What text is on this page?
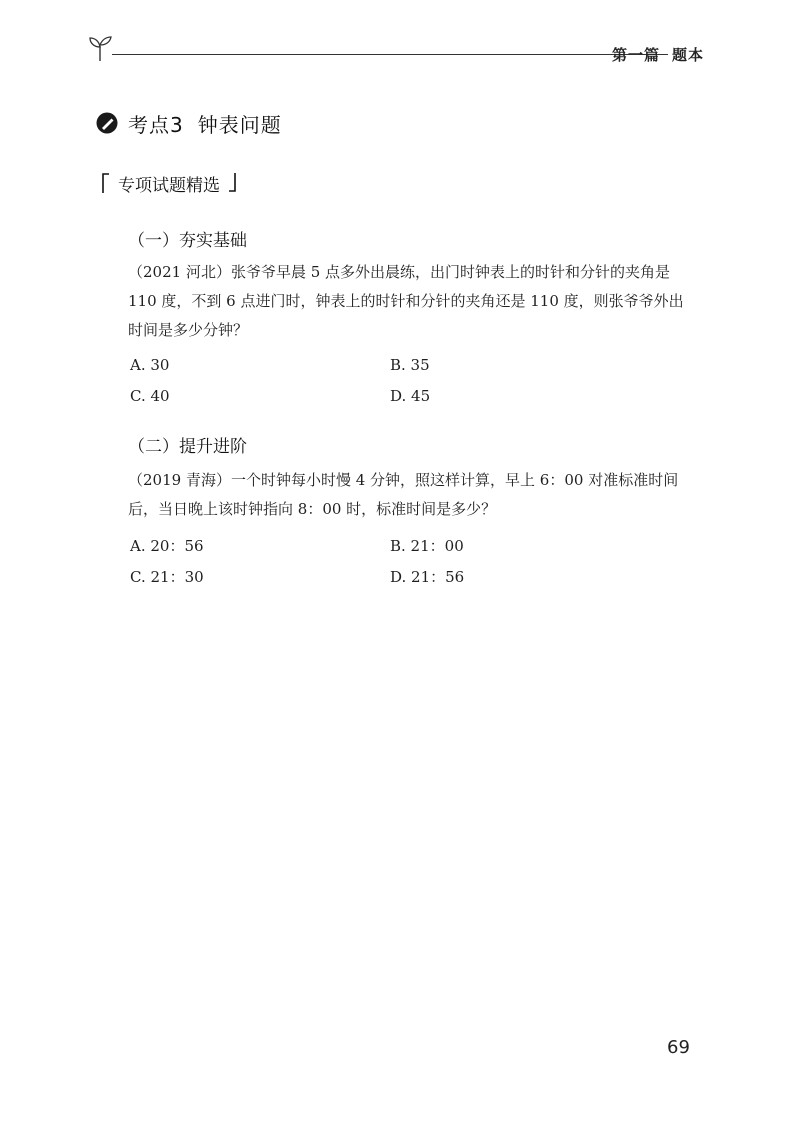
第一篇 题本
考点3 钟表问题
专项试题精选
（一）夯实基础
（2021 河北）张爷爷早晨 5 点多外出晨练，出门时钟表上的时针和分针的夹角是 110 度，不到 6 点进门时，钟表上的时针和分针的夹角还是 110 度，则张爷爷外出时间是多少分钟？
A. 30	B. 35
C. 40	D. 45
（二）提升进阶
（2019 青海）一个时钟每小时慢 4 分钟，照这样计算，早上 6：00 对准标准时间后，当日晚上该时钟指向 8：00 时，标准时间是多少？
A. 20：56	B. 21：00
C. 21：30	D. 21：56
69
